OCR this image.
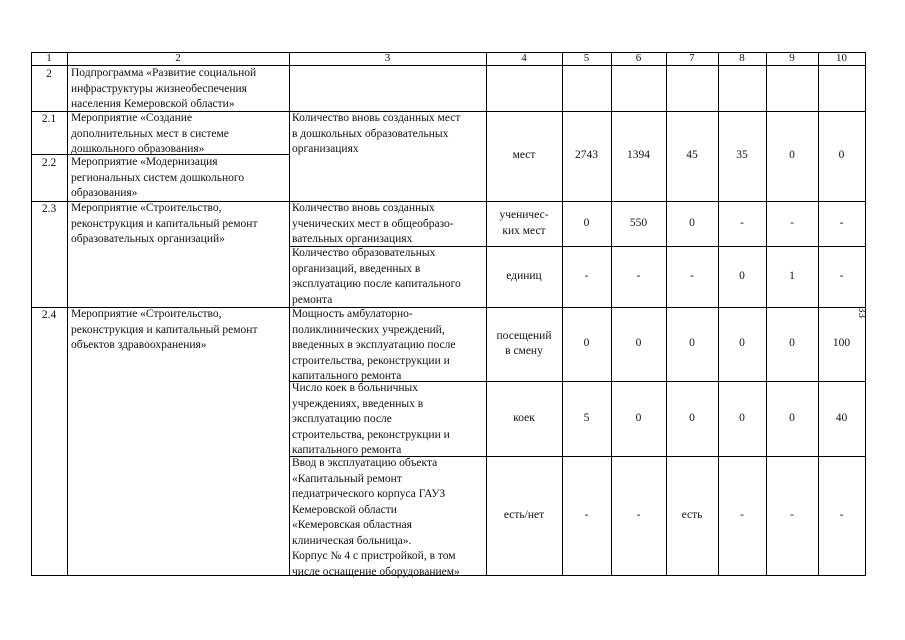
1	2	3	4	5	6	7	8	9	10
2	Подпрограмма «Развитие социальной
инфраструктуры жизнеобеспечения
населения Кемеровской области»
2.1	Мероприятие «Создание
дополнительных мест в системе
дошкольного образования»
Количество вновь созданных мест
в дошкольных образовательных
организациях
мест	2743	1394	45	35	0	0
2.2	Мероприятие «Модернизация
региональных систем дошкольного
образования»
2.3	Мероприятие «Строительство,
реконструкция и капитальный ремонт
образовательных организаций»
Количество вновь созданных
ученических мест в общеобразо-
вательных организациях
ученичес-
ких мест
0	550	0	-	-	-
Количество образовательных
организаций, введенных в
эксплуатацию после капитального
ремонта
единиц	-	-	-	0	1	-
2.4	Мероприятие «Строительство,
реконструкция и капитальный ремонт
объектов здравоохранения»
Мощность амбулаторно-
поликлинических учреждений,
введенных в эксплуатацию после
строительства, реконструкции и
капитального ремонта
посещений
в смену
0	0	0	0	0	100
Число коек в больничных
учреждениях, введенных в
эксплуатацию после
строительства, реконструкции и
капитального ремонта
коек	5	0	0	0	0	40
Ввод в эксплуатацию объекта
«Капитальный ремонт
педиатрического корпуса ГАУЗ
Кемеровской области
«Кемеровская областная
клиническая больница».
Корпус № 4 с пристройкой, в том
числе оснащение оборудованием»
есть/нет	-	-	есть	-	-	-
33
